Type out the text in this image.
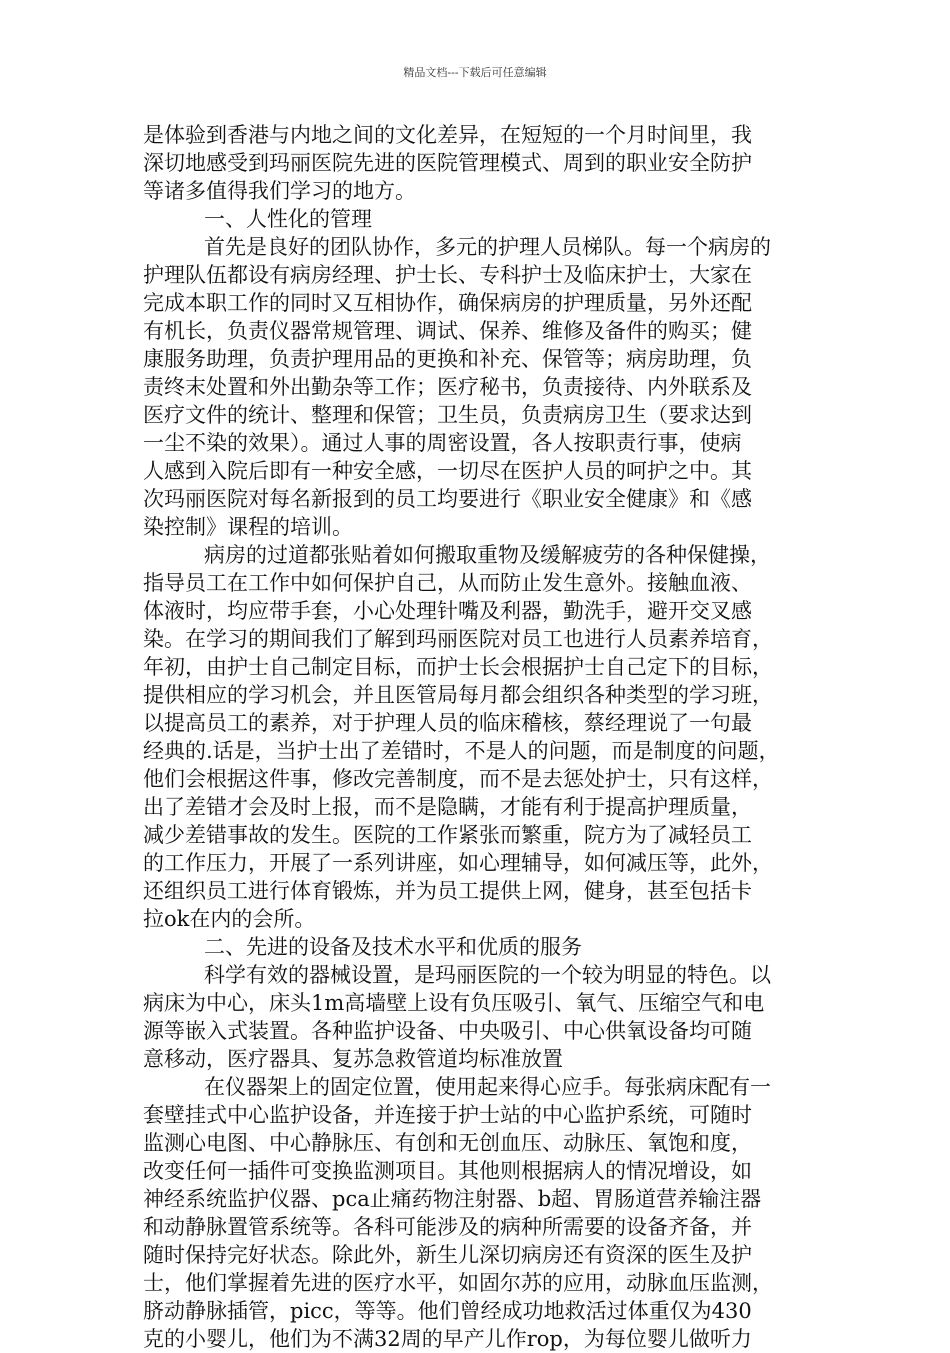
精品文档---下载后可任意编辑
是体验到香港与内地之间的文化差异，在短短的一个月时间里，我
深切地感受到玛丽医院先进的医院管理模式、周到的职业安全防护
等诸多值得我们学习的地方。
一、人性化的管理
首先是良好的团队协作，多元的护理人员梯队。每一个病房的
护理队伍都设有病房经理、护士长、专科护士及临床护士，大家在
完成本职工作的同时又互相协作，确保病房的护理质量，另外还配
有机长，负责仪器常规管理、调试、保养、维修及备件的购买；健
康服务助理，负责护理用品的更换和补充、保管等；病房助理，负
责终末处置和外出勤杂等工作；医疗秘书，负责接待、内外联系及
医疗文件的统计、整理和保管；卫生员，负责病房卫生（要求达到
一尘不染的效果）。通过人事的周密设置，各人按职责行事，使病
人感到入院后即有一种安全感，一切尽在医护人员的呵护之中。其
次玛丽医院对每名新报到的员工均要进行《职业安全健康》和《感
染控制》课程的培训。
病房的过道都张贴着如何搬取重物及缓解疲劳的各种保健操，
指导员工在工作中如何保护自己，从而防止发生意外。接触血液、
体液时，均应带手套，小心处理针嘴及利器，勤洗手，避开交叉感
染。在学习的期间我们了解到玛丽医院对员工也进行人员素养培育，
年初，由护士自己制定目标，而护士长会根据护士自己定下的目标，
提供相应的学习机会，并且医管局每月都会组织各种类型的学习班，
以提高员工的素养，对于护理人员的临床稽核，蔡经理说了一句最
经典的.话是，当护士出了差错时，不是人的问题，而是制度的问题，
他们会根据这件事，修改完善制度，而不是去惩处护士，只有这样，
出了差错才会及时上报，而不是隐瞒，才能有利于提高护理质量，
减少差错事故的发生。医院的工作紧张而繁重，院方为了减轻员工
的工作压力，开展了一系列讲座，如心理辅导，如何减压等，此外，
还组织员工进行体育锻炼，并为员工提供上网，健身，甚至包括卡
拉ok在内的会所。
二、先进的设备及技术水平和优质的服务
科学有效的器械设置，是玛丽医院的一个较为明显的特色。以
病床为中心，床头1m高墙壁上设有负压吸引、氧气、压缩空气和电
源等嵌入式装置。各种监护设备、中央吸引、中心供氧设备均可随
意移动，医疗器具、复苏急救管道均标准放置
在仪器架上的固定位置，使用起来得心应手。每张病床配有一
套壁挂式中心监护设备，并连接于护士站的中心监护系统，可随时
监测心电图、中心静脉压、有创和无创血压、动脉压、氧饱和度，
改变任何一插件可变换监测项目。其他则根据病人的情况增设，如
神经系统监护仪器、pca止痛药物注射器、b超、胃肠道营养输注器
和动静脉置管系统等。各科可能涉及的病种所需要的设备齐备，并
随时保持完好状态。除此外，新生儿深切病房还有资深的医生及护
士，他们掌握着先进的医疗水平，如固尔苏的应用，动脉血压监测，
脐动静脉插管，picc，等等。他们曾经成功地救活过体重仅为430
克的小婴儿，他们为不满32周的早产儿作rop，为每位婴儿做听力
